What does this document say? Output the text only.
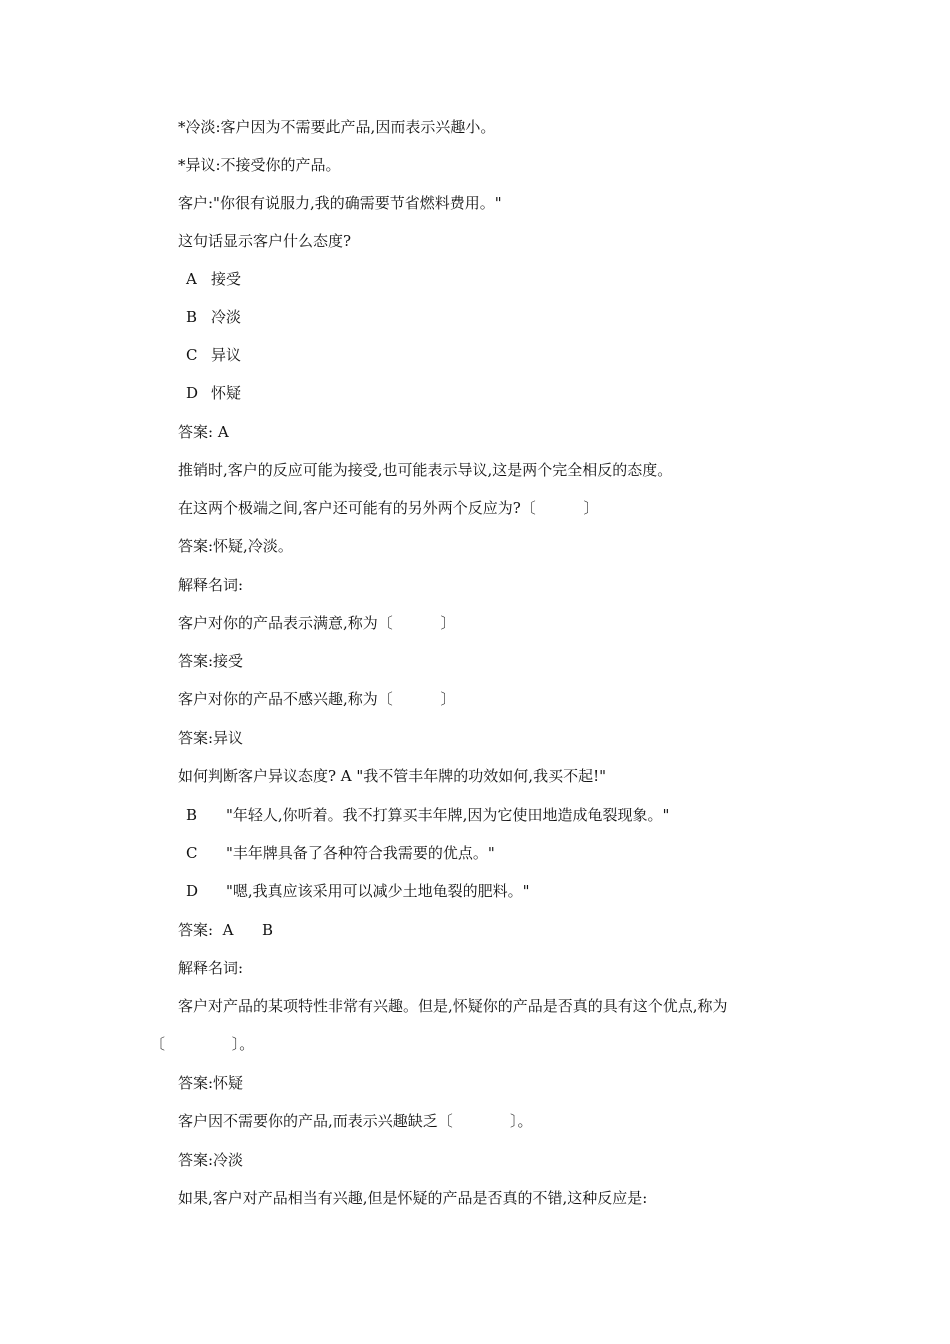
*冷淡:客户因为不需要此产品,因而表示兴趣小。
*异议:不接受你的产品。
客户:"你很有说服力,我的确需要节省燃料费用。"
这句话显示客户什么态度?
A 接受
B 冷淡
C 异议
D 怀疑
答案: A
推销时,客户的反应可能为接受,也可能表示导议,这是两个完全相反的态度。
在这两个极端之间,客户还可能有的另外两个反应为?〔          〕
答案:怀疑,冷淡。
解释名词:
客户对你的产品表示满意,称为〔          〕
答案:接受
客户对你的产品不感兴趣,称为〔          〕
答案:异议
如何判断客户异议态度? A "我不管丰年牌的功效如何,我买不起!"
B "年轻人,你听着。我不打算买丰年牌,因为它使田地造成龟裂现象。"
C "丰年牌具备了各种符合我需要的优点。"
D "嗯,我真应该采用可以减少土地龟裂的肥料。"
答案:  A      B
解释名词:
客户对产品的某项特性非常有兴趣。但是,怀疑你的产品是否真的具有这个优点,称为
〔              〕。
答案:怀疑
客户因不需要你的产品,而表示兴趣缺乏〔            〕。
答案:冷淡
如果,客户对产品相当有兴趣,但是怀疑的产品是否真的不错,这种反应是:
